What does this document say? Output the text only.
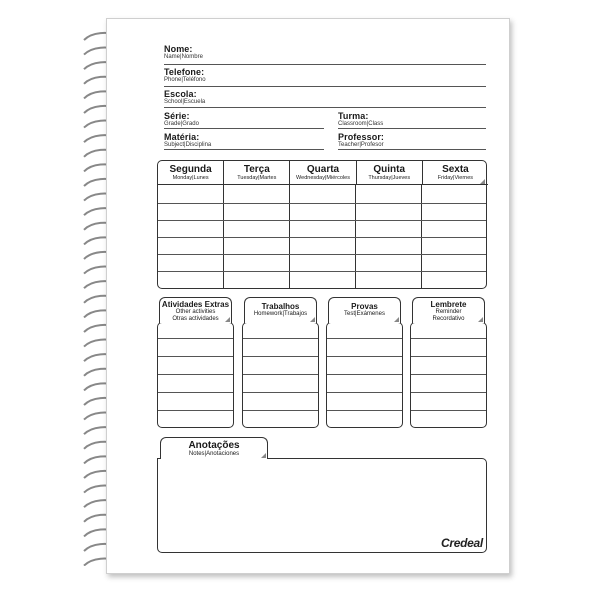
Nome:
Name|Nombre
Telefone:
Phone|Teléfono
Escola:
School|Escuela
Série:
Grade|Grado
Turma:
Classroom|Class
Matéria:
Subject|Disciplina
Professor:
Teacher|Profesor
Segunda
Monday|Lunes
Terça
Tuesday|Martes
Quarta
Wednesday|Miércoles
Quinta
Thursday|Jueves
Sexta
Friday|Viernes
Atividades Extras
Other activities
Otras actividades
Trabalhos
Homework|Trabajos
Provas
Test|Exámenes
Lembrete
Reminder
Recordativo
Anotações
Notes|Anotaciones
Credeal
